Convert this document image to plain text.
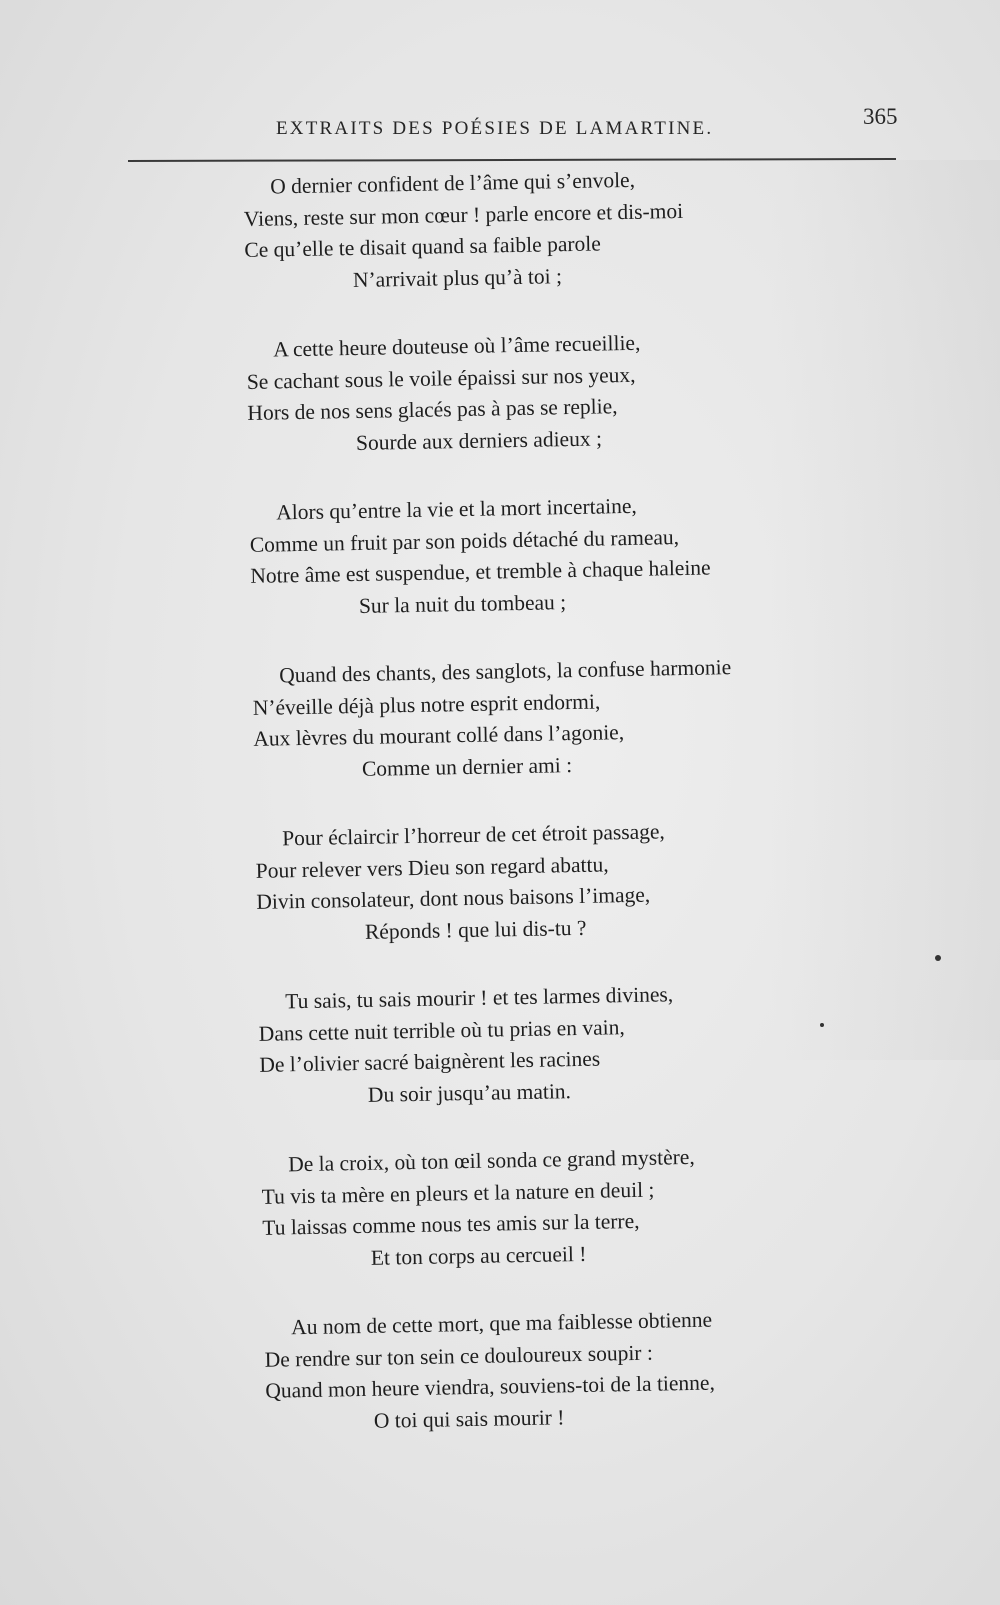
EXTRAITS DES POÉSIES DE LAMARTINE.	365
O dernier confident de l’âme qui s’envole,
Viens, reste sur mon cœur ! parle encore et dis-moi
Ce qu’elle te disait quand sa faible parole
N’arrivait plus qu’à toi ;
A cette heure douteuse où l’âme recueillie,
Se cachant sous le voile épaissi sur nos yeux,
Hors de nos sens glacés pas à pas se replie,
Sourde aux derniers adieux ;
Alors qu’entre la vie et la mort incertaine,
Comme un fruit par son poids détaché du rameau,
Notre âme est suspendue, et tremble à chaque haleine
Sur la nuit du tombeau ;
Quand des chants, des sanglots, la confuse harmonie
N’éveille déjà plus notre esprit endormi,
Aux lèvres du mourant collé dans l’agonie,
Comme un dernier ami :
Pour éclaircir l’horreur de cet étroit passage,
Pour relever vers Dieu son regard abattu,
Divin consolateur, dont nous baisons l’image,
Réponds ! que lui dis-tu ?
Tu sais, tu sais mourir ! et tes larmes divines,
Dans cette nuit terrible où tu prias en vain,
De l’olivier sacré baignèrent les racines
Du soir jusqu’au matin.
De la croix, où ton œil sonda ce grand mystère,
Tu vis ta mère en pleurs et la nature en deuil ;
Tu laissas comme nous tes amis sur la terre,
Et ton corps au cercueil !
Au nom de cette mort, que ma faiblesse obtienne
De rendre sur ton sein ce douloureux soupir :
Quand mon heure viendra, souviens-toi de la tienne,
O toi qui sais mourir !
